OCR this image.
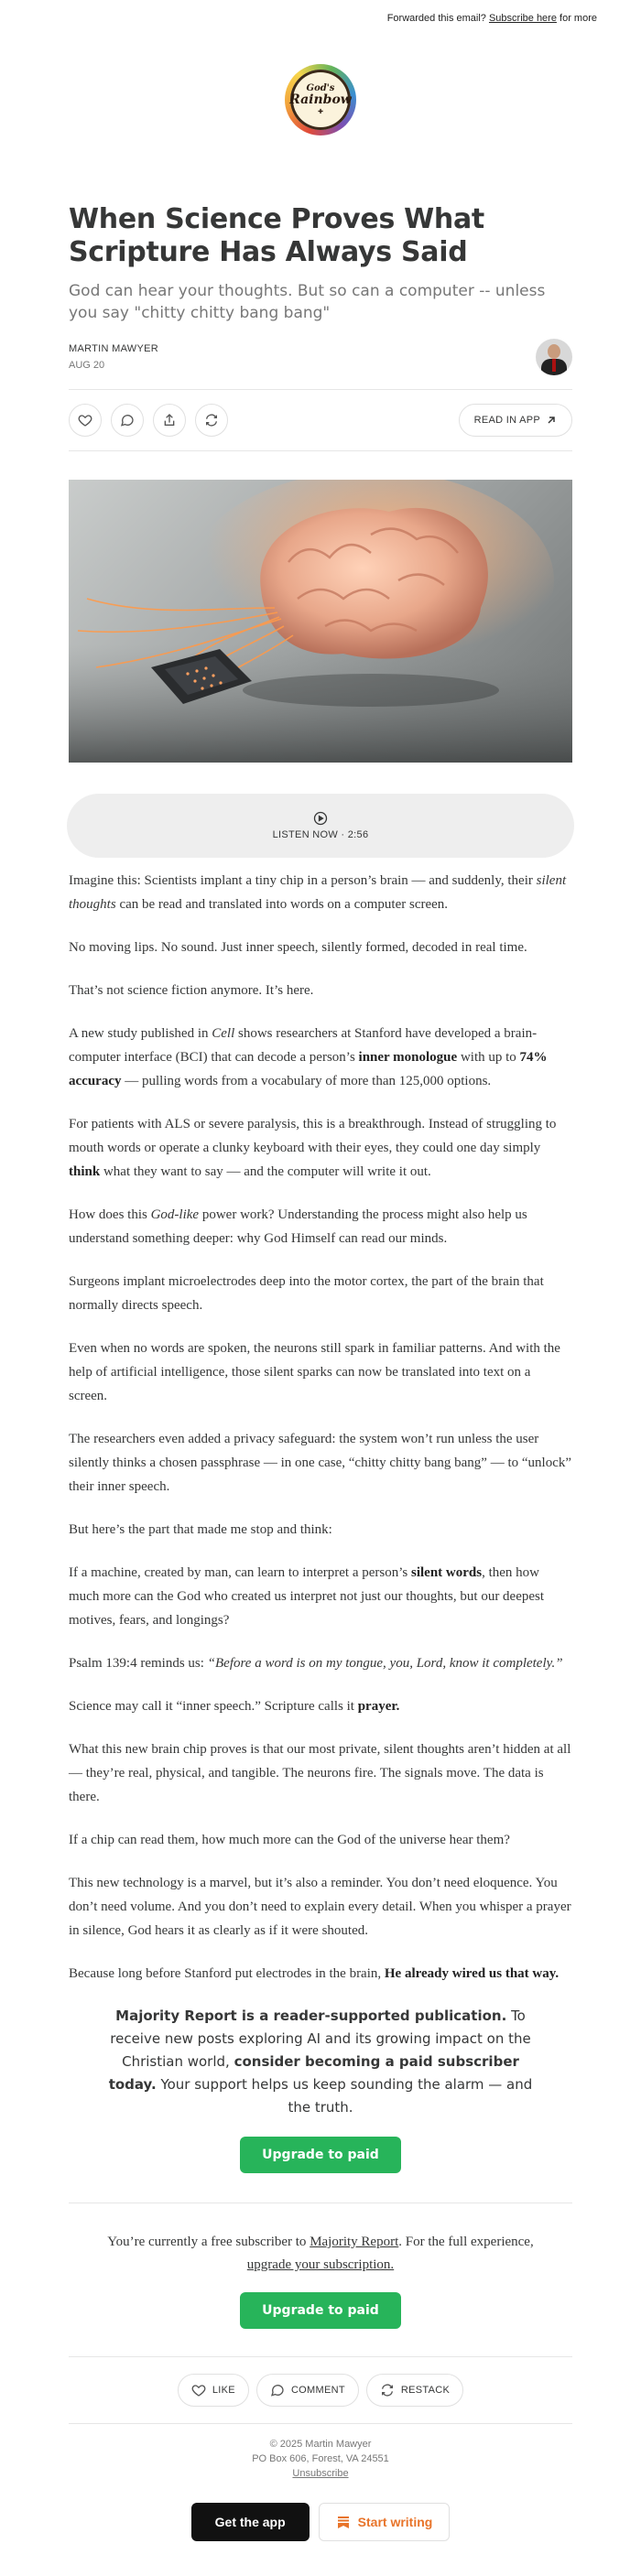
Forwarded this email? Subscribe here for more
God's
Rainbow
✚
When Science Proves What Scripture Has Always Said
God can hear your thoughts. But so can a computer -- unless you say "chitty chitty bang bang"
MARTIN MAWYER
AUG 20
READ IN APP
LISTEN NOW · 2:56

Imagine this: Scientists implant a tiny chip in a person’s brain — and suddenly, their silent thoughts can be read and translated into words on a computer screen.

No moving lips. No sound. Just inner speech, silently formed, decoded in real time.

That’s not science fiction anymore. It’s here.

A new study published in Cell shows researchers at Stanford have developed a brain-computer interface (BCI) that can decode a person’s inner monologue with up to 74% accuracy — pulling words from a vocabulary of more than 125,000 options.

For patients with ALS or severe paralysis, this is a breakthrough. Instead of struggling to mouth words or operate a clunky keyboard with their eyes, they could one day simply think what they want to say — and the computer will write it out.

How does this God-like power work? Understanding the process might also help us understand something deeper: why God Himself can read our minds.

Surgeons implant microelectrodes deep into the motor cortex, the part of the brain that normally directs speech.

Even when no words are spoken, the neurons still spark in familiar patterns. And with the help of artificial intelligence, those silent sparks can now be translated into text on a screen.

The researchers even added a privacy safeguard: the system won’t run unless the user silently thinks a chosen passphrase — in one case, “chitty chitty bang bang” — to “unlock” their inner speech.

But here’s the part that made me stop and think:

If a machine, created by man, can learn to interpret a person’s silent words, then how much more can the God who created us interpret not just our thoughts, but our deepest motives, fears, and longings?

Psalm 139:4 reminds us: “Before a word is on my tongue, you, Lord, know it completely.”

Science may call it “inner speech.” Scripture calls it prayer.

What this new brain chip proves is that our most private, silent thoughts aren’t hidden at all — they’re real, physical, and tangible. The neurons fire. The signals move. The data is there.

If a chip can read them, how much more can the God of the universe hear them?

This new technology is a marvel, but it’s also a reminder. You don’t need eloquence. You don’t need volume. And you don’t need to explain every detail. When you whisper a prayer in silence, God hears it as clearly as if it were shouted.

Because long before Stanford put electrodes in the brain, He already wired us that way.

Majority Report is a reader-supported publication. To receive new posts exploring AI and its growing impact on the Christian world, consider becoming a paid subscriber today. Your support helps us keep sounding the alarm — and the truth.
Upgrade to paid
You’re currently a free subscriber to Majority Report. For the full experience, upgrade your subscription.
Upgrade to paid
LIKE	COMMENT	RESTACK
© 2025 Martin Mawyer
PO Box 606, Forest, VA 24551
Unsubscribe
Get the app	Start writing
